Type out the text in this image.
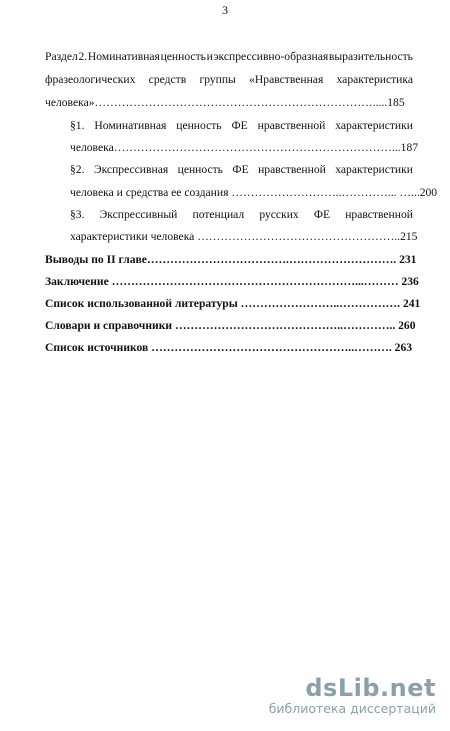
3
Раздел 2. Номинативная ценность и экспрессивно-образная выразительность
фразеологических средств группы «Нравственная характеристика
человека»……………………………………………………………….....185
§1. Номинативная ценность ФЕ нравственной характеристики
человека………………………………………………………………...187
§2. Экспрессивная ценность ФЕ нравственной характеристики
человека и средства ее создания ………………………..…………... …...200
§3. Экспрессивный потенциал русских ФЕ нравственной
характеристики человека ……………………………………………..215
Выводы по II главе……………………………….………………………. 231
Заключение ………………………………………………………...……… 236
Список использованной литературы ……………………..……………. 241
Словари и справочники ……………………………………..………….. 260
Список источников ……………………………………………..………. 263
dsLib.net
библиотека диссертаций
